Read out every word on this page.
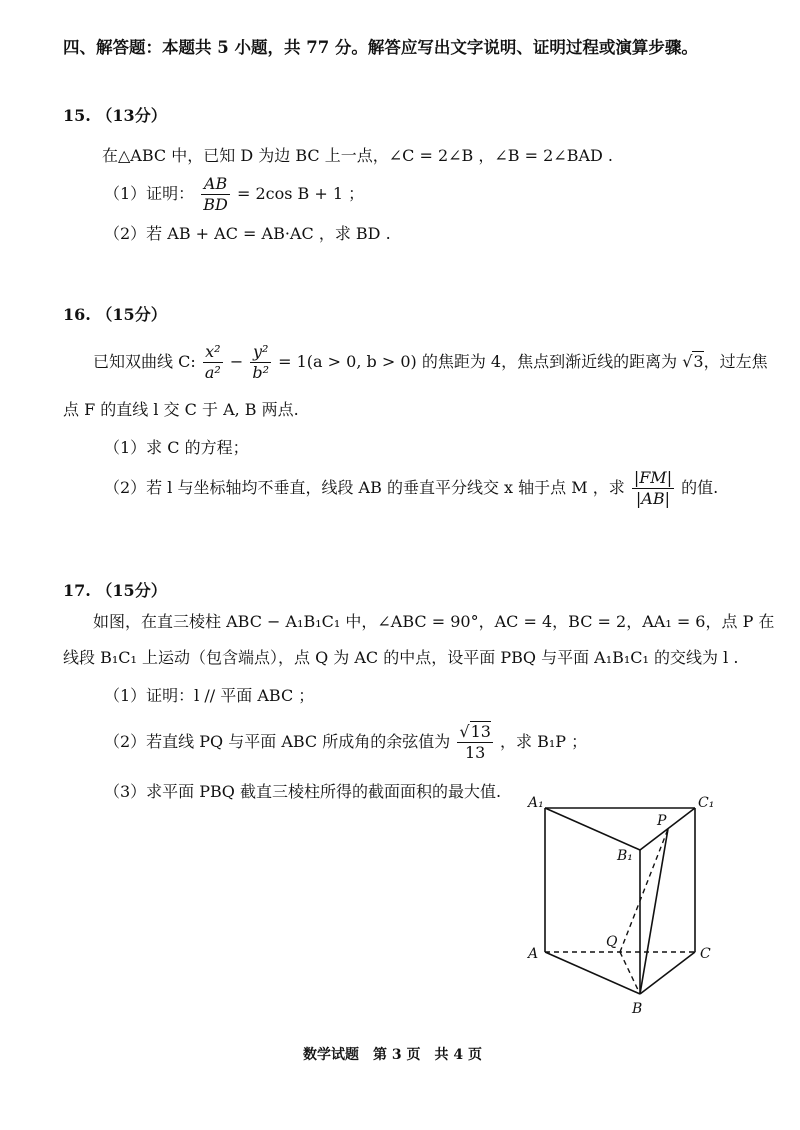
四、解答题：本题共 5 小题，共 77 分。解答应写出文字说明、证明过程或演算步骤。
15. （13分）
在△ABC 中，已知 D 为边 BC 上一点，∠C = 2∠B ，∠B = 2∠BAD .
（1）证明： $\frac{AB}{BD} = 2\cos$ B + 1 ；
（2）若 AB + AC = AB·AC ，求 BD .
16. （15分）
已知双曲线 C: $\frac{\text{x²}}{\text{a²}} - \frac{\text{y²}}{\text{b²}} = 1(a > 0$, b > 0) 的焦距为 4，焦点到渐近线的距离为 √3，过左焦
点 F 的直线 l 交 C 于 A, B 两点.
（1）求 C 的方程；
（2）若 l 与坐标轴均不垂直，线段 AB 的垂直平分线交 x 轴于点 M ，求 $\frac{|FM|}{|AB|}$ 的值.
17. （15分）
如图，在直三棱柱 ABC − A₁B₁C₁ 中，∠ABC = 90°，AC = 4，BC = 2，AA₁ = 6，点 P 在
线段 B₁C₁ 上运动（包含端点），点 Q 为 AC 的中点，设平面 PBQ 与平面 A₁B₁C₁ 的交线为 l .
（1）证明：l // 平面 ABC ；
（2）若直线 PQ 与平面 ABC 所成角的余弦值为 $\frac{√13}{13}$ ，求 B₁P ；
（3）求平面 PBQ 截直三棱柱所得的截面面积的最大值.
A₁	C₁
P
B₁
Q
A	C
B
数学试题　第 3 页　共 4 页
